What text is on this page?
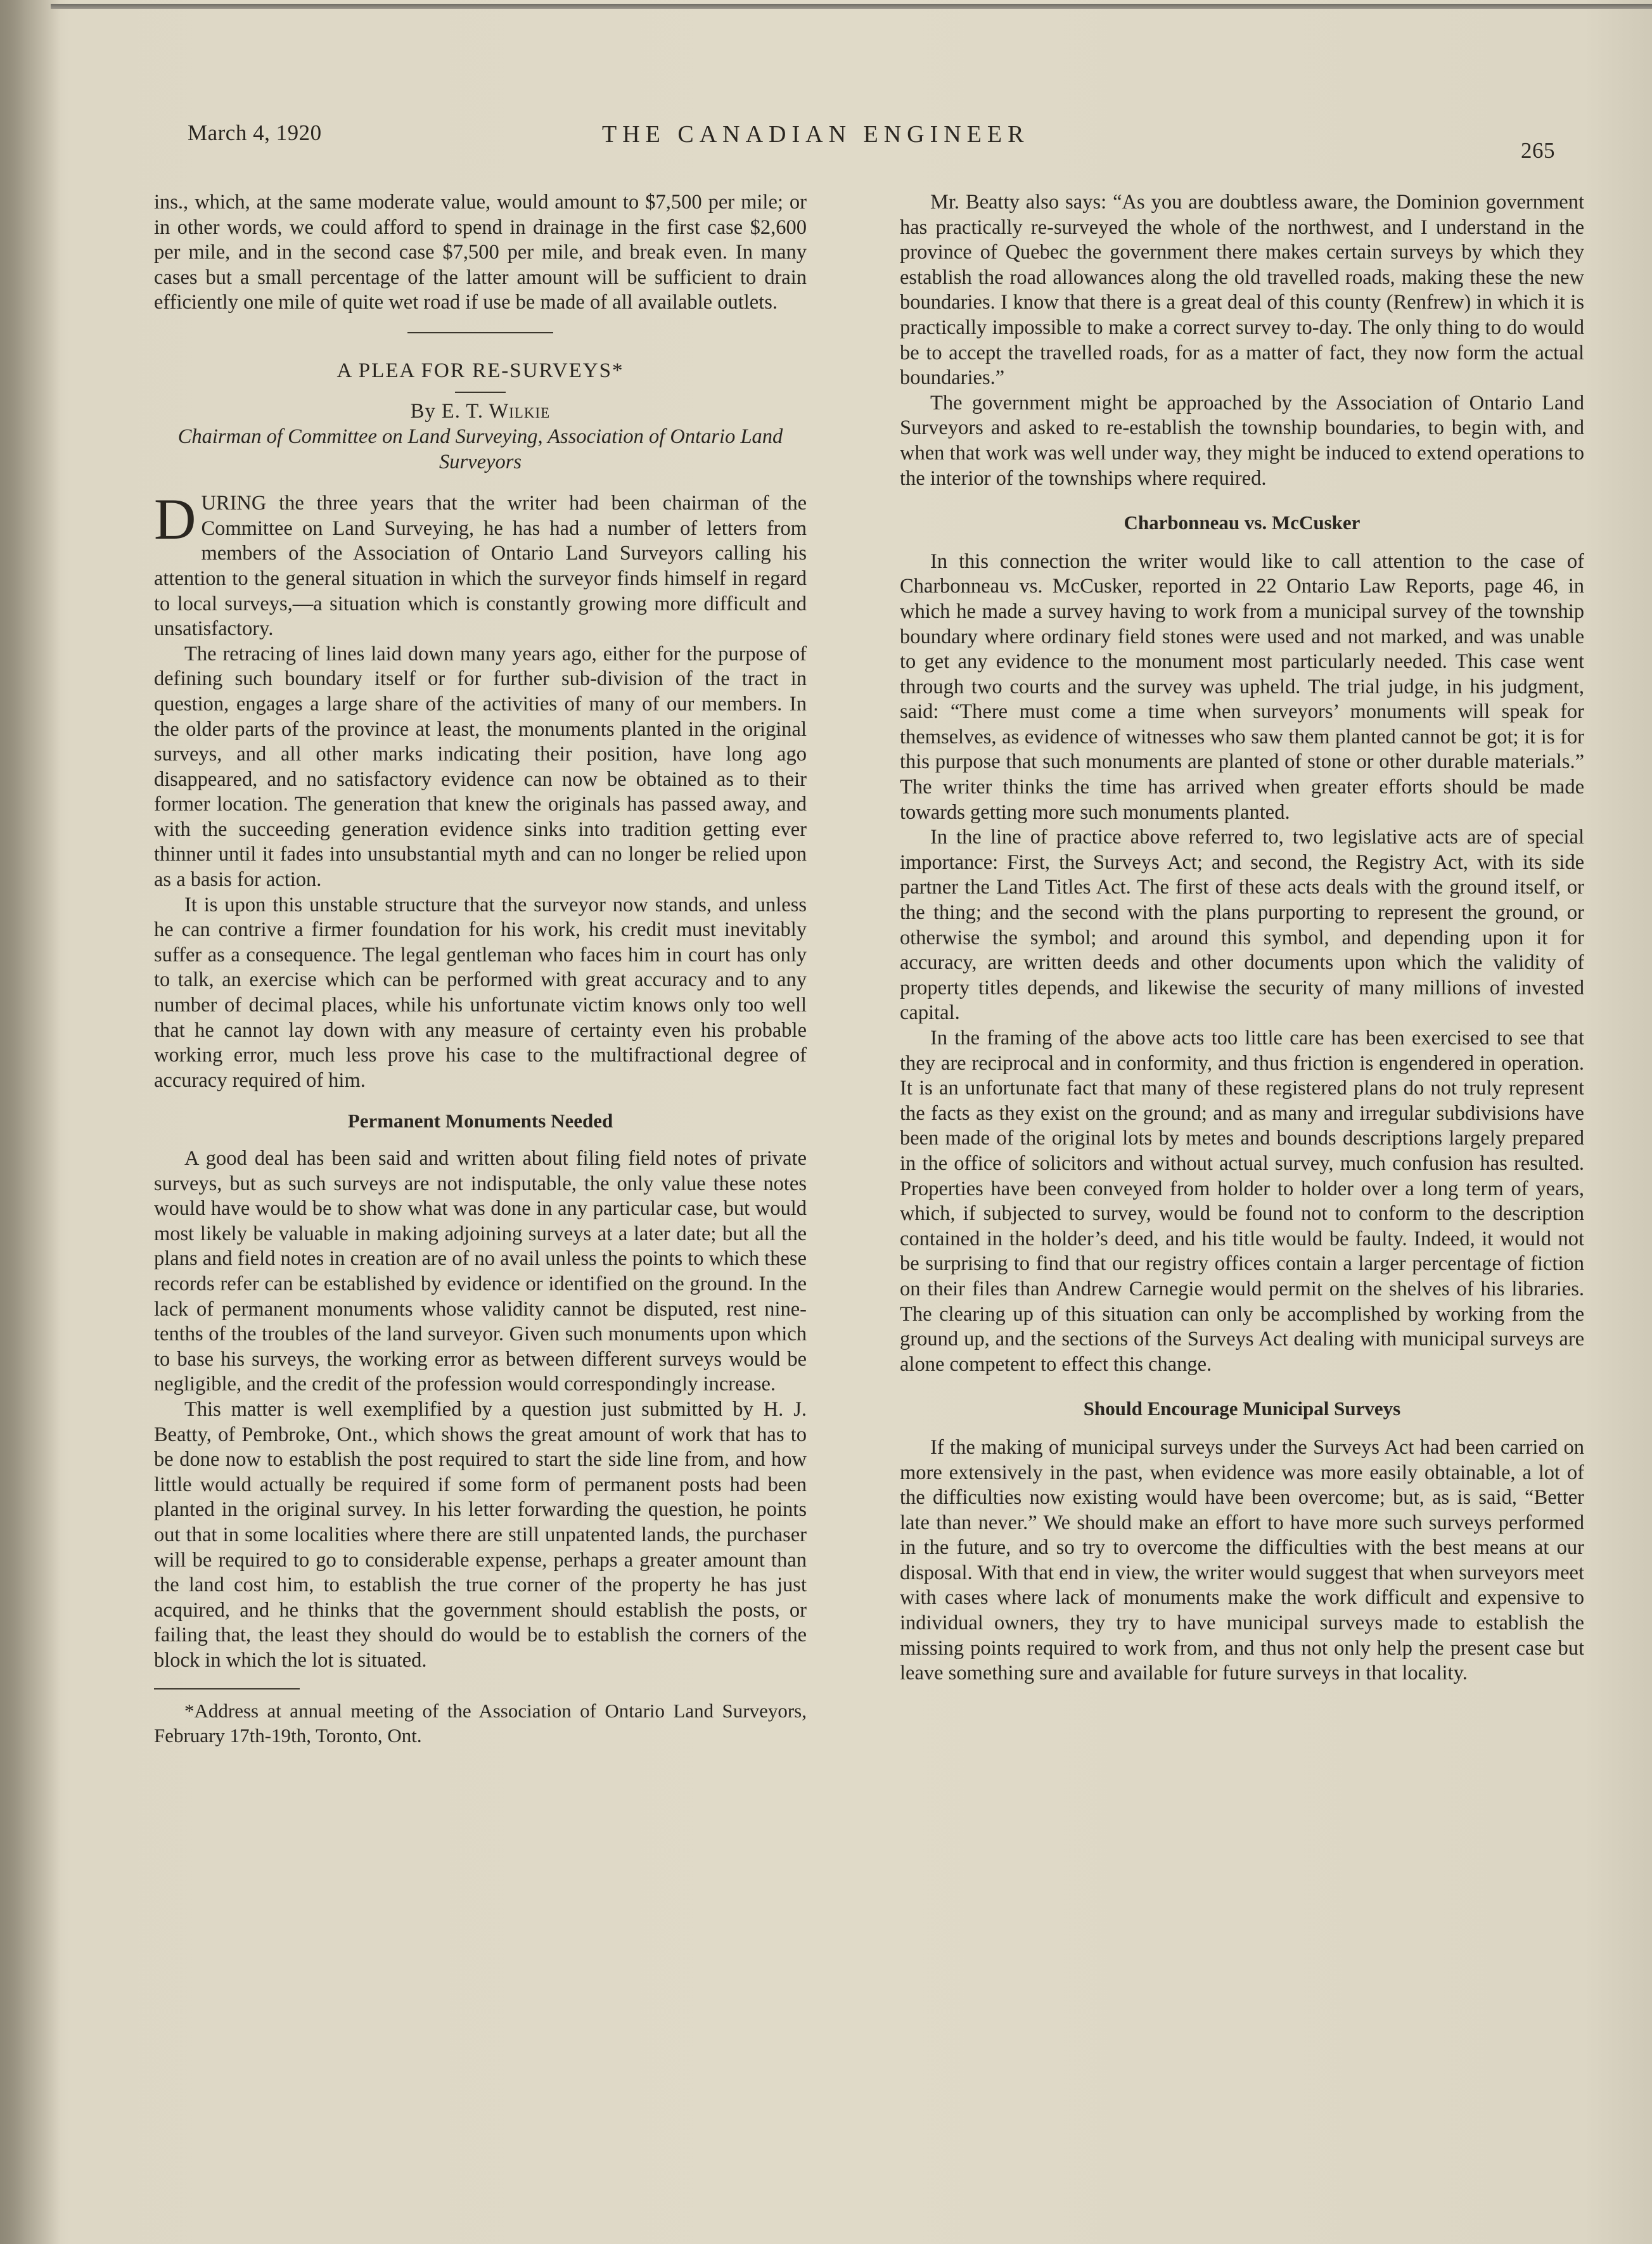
March 4, 1920	THE CANADIAN ENGINEER
265

ins., which, at the same moderate value, would amount to $7,500 per mile; or in other words, we could afford to spend in drainage in the first case $2,600 per mile, and in the second case $7,500 per mile, and break even. In many cases but a small percentage of the latter amount will be sufficient to drain efficiently one mile of quite wet road if use be made of all available outlets.

A PLEA FOR RE-SURVEYS*
By E. T. Wilkie
Chairman of Committee on Land Surveying, Association of Ontario Land Surveyors

DURING the three years that the writer had been chairman of the Committee on Land Surveying, he has had a number of letters from members of the Association of Ontario Land Surveyors calling his attention to the general situation in which the surveyor finds himself in regard to local surveys,—a situation which is constantly growing more difficult and unsatisfactory.

The retracing of lines laid down many years ago, either for the purpose of defining such boundary itself or for further sub-division of the tract in question, engages a large share of the activities of many of our members. In the older parts of the province at least, the monuments planted in the original surveys, and all other marks indicating their position, have long ago disappeared, and no satisfactory evidence can now be obtained as to their former location. The generation that knew the originals has passed away, and with the succeeding generation evidence sinks into tradition getting ever thinner until it fades into unsubstantial myth and can no longer be relied upon as a basis for action.

It is upon this unstable structure that the surveyor now stands, and unless he can contrive a firmer foundation for his work, his credit must inevitably suffer as a consequence. The legal gentleman who faces him in court has only to talk, an exercise which can be performed with great accuracy and to any number of decimal places, while his unfortunate victim knows only too well that he cannot lay down with any measure of certainty even his probable working error, much less prove his case to the multifractional degree of accuracy required of him.

Permanent Monuments Needed

A good deal has been said and written about filing field notes of private surveys, but as such surveys are not indisputable, the only value these notes would have would be to show what was done in any particular case, but would most likely be valuable in making adjoining surveys at a later date; but all the plans and field notes in creation are of no avail unless the points to which these records refer can be established by evidence or identified on the ground. In the lack of permanent monuments whose validity cannot be disputed, rest nine-tenths of the troubles of the land surveyor. Given such monuments upon which to base his surveys, the working error as between different surveys would be negligible, and the credit of the profession would correspondingly increase.

This matter is well exemplified by a question just submitted by H. J. Beatty, of Pembroke, Ont., which shows the great amount of work that has to be done now to establish the post required to start the side line from, and how little would actually be required if some form of permanent posts had been planted in the original survey. In his letter forwarding the question, he points out that in some localities where there are still unpatented lands, the purchaser will be required to go to considerable expense, perhaps a greater amount than the land cost him, to establish the true corner of the property he has just acquired, and he thinks that the government should establish the posts, or failing that, the least they should do would be to establish the corners of the block in which the lot is situated.

*Address at annual meeting of the Association of Ontario Land Surveyors, February 17th-19th, Toronto, Ont.

Mr. Beatty also says: “As you are doubtless aware, the Dominion government has practically re-surveyed the whole of the northwest, and I understand in the province of Quebec the government there makes certain surveys by which they establish the road allowances along the old travelled roads, making these the new boundaries. I know that there is a great deal of this county (Renfrew) in which it is practically impossible to make a correct survey to-day. The only thing to do would be to accept the travelled roads, for as a matter of fact, they now form the actual boundaries.”

The government might be approached by the Association of Ontario Land Surveyors and asked to re-establish the township boundaries, to begin with, and when that work was well under way, they might be induced to extend operations to the interior of the townships where required.

Charbonneau vs. McCusker

In this connection the writer would like to call attention to the case of Charbonneau vs. McCusker, reported in 22 Ontario Law Reports, page 46, in which he made a survey having to work from a municipal survey of the township boundary where ordinary field stones were used and not marked, and was unable to get any evidence to the monument most particularly needed. This case went through two courts and the survey was upheld. The trial judge, in his judgment, said: “There must come a time when surveyors’ monuments will speak for themselves, as evidence of witnesses who saw them planted cannot be got; it is for this purpose that such monuments are planted of stone or other durable materials.” The writer thinks the time has arrived when greater efforts should be made towards getting more such monuments planted.

In the line of practice above referred to, two legislative acts are of special importance: First, the Surveys Act; and second, the Registry Act, with its side partner the Land Titles Act. The first of these acts deals with the ground itself, or the thing; and the second with the plans purporting to represent the ground, or otherwise the symbol; and around this symbol, and depending upon it for accuracy, are written deeds and other documents upon which the validity of property titles depends, and likewise the security of many millions of invested capital.

In the framing of the above acts too little care has been exercised to see that they are reciprocal and in conformity, and thus friction is engendered in operation. It is an unfortunate fact that many of these registered plans do not truly represent the facts as they exist on the ground; and as many and irregular subdivisions have been made of the original lots by metes and bounds descriptions largely prepared in the office of solicitors and without actual survey, much confusion has resulted. Properties have been conveyed from holder to holder over a long term of years, which, if subjected to survey, would be found not to conform to the description contained in the holder’s deed, and his title would be faulty. Indeed, it would not be surprising to find that our registry offices contain a larger percentage of fiction on their files than Andrew Carnegie would permit on the shelves of his libraries. The clearing up of this situation can only be accomplished by working from the ground up, and the sections of the Surveys Act dealing with municipal surveys are alone competent to effect this change.

Should Encourage Municipal Surveys

If the making of municipal surveys under the Surveys Act had been carried on more extensively in the past, when evidence was more easily obtainable, a lot of the difficulties now existing would have been overcome; but, as is said, “Better late than never.” We should make an effort to have more such surveys performed in the future, and so try to overcome the difficulties with the best means at our disposal. With that end in view, the writer would suggest that when surveyors meet with cases where lack of monuments make the work difficult and expensive to individual owners, they try to have municipal surveys made to establish the missing points required to work from, and thus not only help the present case but leave something sure and available for future surveys in that locality.
